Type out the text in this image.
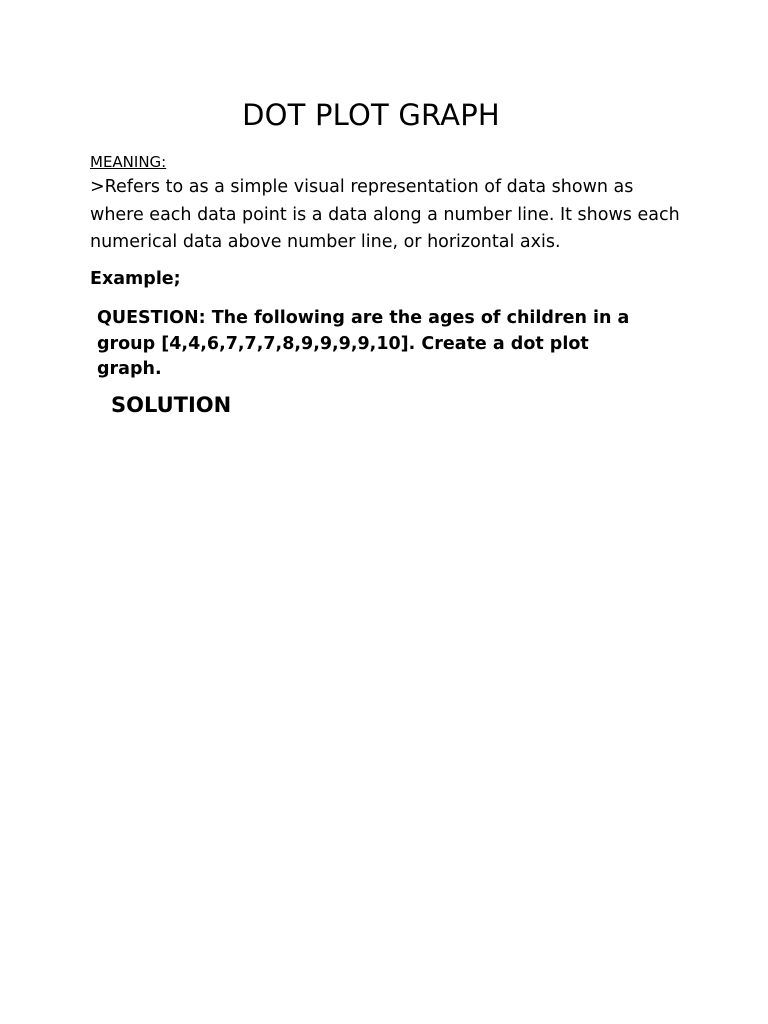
DOT PLOT GRAPH

MEANING:

>Refers to as a simple visual representation of data shown as where each data point is a data along a number line. It shows each numerical data above number line, or horizontal axis.

Example;

QUESTION: The following are the ages of children in a group [4,4,6,7,7,7,8,9,9,9,9,10]. Create a dot plot graph.

SOLUTION
